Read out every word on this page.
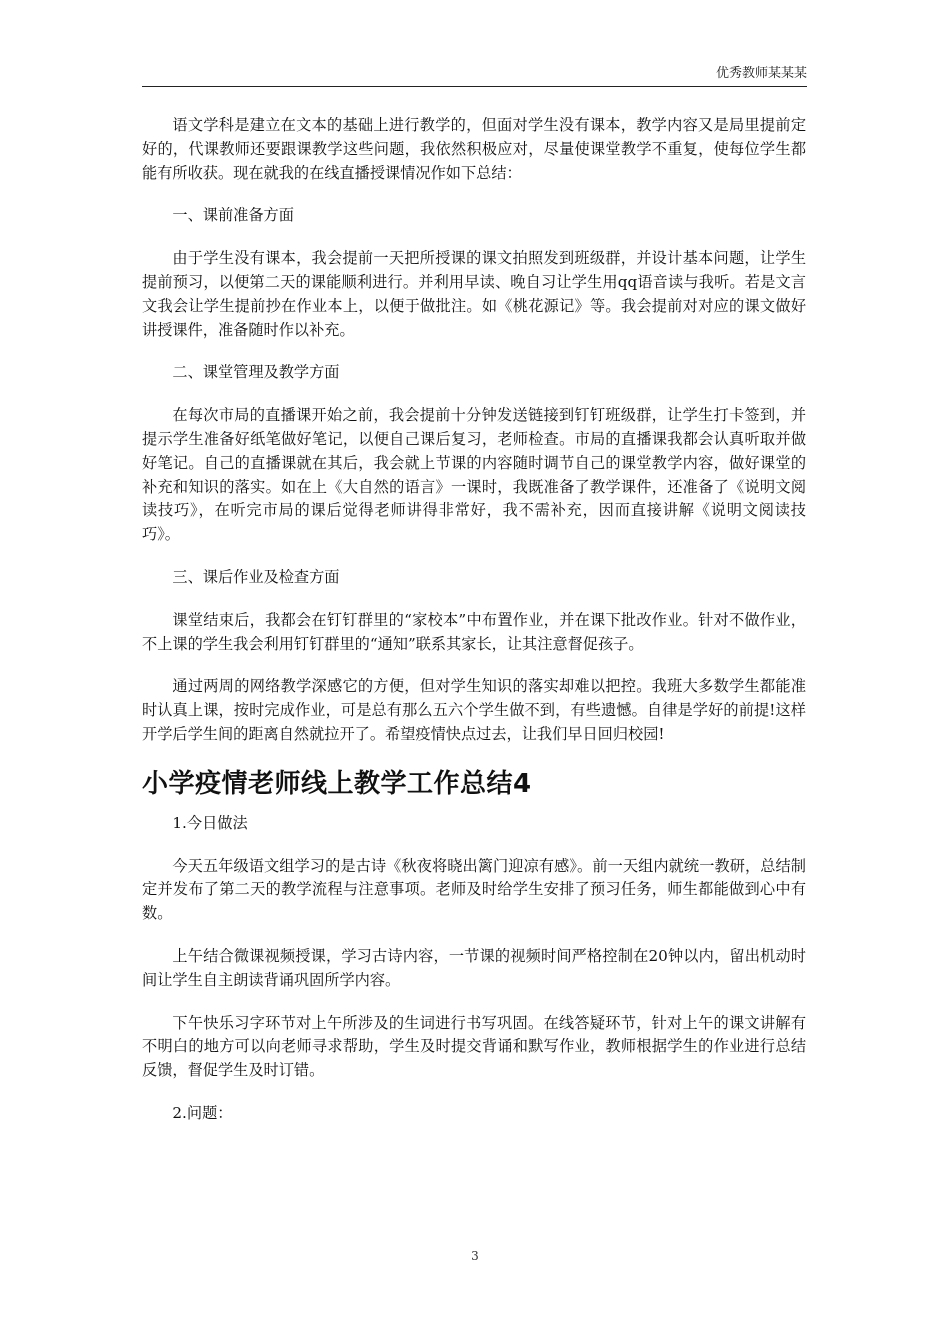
优秀教师某某某

语文学科是建立在文本的基础上进行教学的，但面对学生没有课本，教学内容又是局里提前定好的，代课教师还要跟课教学这些问题，我依然积极应对，尽量使课堂教学不重复，使每位学生都能有所收获。现在就我的在线直播授课情况作如下总结：

一、课前准备方面

由于学生没有课本，我会提前一天把所授课的课文拍照发到班级群，并设计基本问题，让学生提前预习，以便第二天的课能顺利进行。并利用早读、晚自习让学生用qq语音读与我听。若是文言文我会让学生提前抄在作业本上，以便于做批注。如《桃花源记》等。我会提前对对应的课文做好讲授课件，准备随时作以补充。

二、课堂管理及教学方面

在每次市局的直播课开始之前，我会提前十分钟发送链接到钉钉班级群，让学生打卡签到，并提示学生准备好纸笔做好笔记，以便自己课后复习，老师检查。市局的直播课我都会认真听取并做好笔记。自己的直播课就在其后，我会就上节课的内容随时调节自己的课堂教学内容，做好课堂的补充和知识的落实。如在上《大自然的语言》一课时，我既准备了教学课件，还准备了《说明文阅读技巧》，在听完市局的课后觉得老师讲得非常好，我不需补充，因而直接讲解《说明文阅读技巧》。

三、课后作业及检查方面

课堂结束后，我都会在钉钉群里的“家校本”中布置作业，并在课下批改作业。针对不做作业，不上课的学生我会利用钉钉群里的“通知”联系其家长，让其注意督促孩子。

通过两周的网络教学深感它的方便，但对学生知识的落实却难以把控。我班大多数学生都能准时认真上课，按时完成作业，可是总有那么五六个学生做不到，有些遗憾。自律是学好的前提!这样开学后学生间的距离自然就拉开了。希望疫情快点过去，让我们早日回归校园!

小学疫情老师线上教学工作总结4

1.今日做法

今天五年级语文组学习的是古诗《秋夜将晓出篱门迎凉有感》。前一天组内就统一教研，总结制定并发布了第二天的教学流程与注意事项。老师及时给学生安排了预习任务，师生都能做到心中有数。

上午结合微课视频授课，学习古诗内容，一节课的视频时间严格控制在20钟以内，留出机动时间让学生自主朗读背诵巩固所学内容。

下午快乐习字环节对上午所涉及的生词进行书写巩固。在线答疑环节，针对上午的课文讲解有不明白的地方可以向老师寻求帮助，学生及时提交背诵和默写作业，教师根据学生的作业进行总结反馈，督促学生及时订错。

2.问题：

3
